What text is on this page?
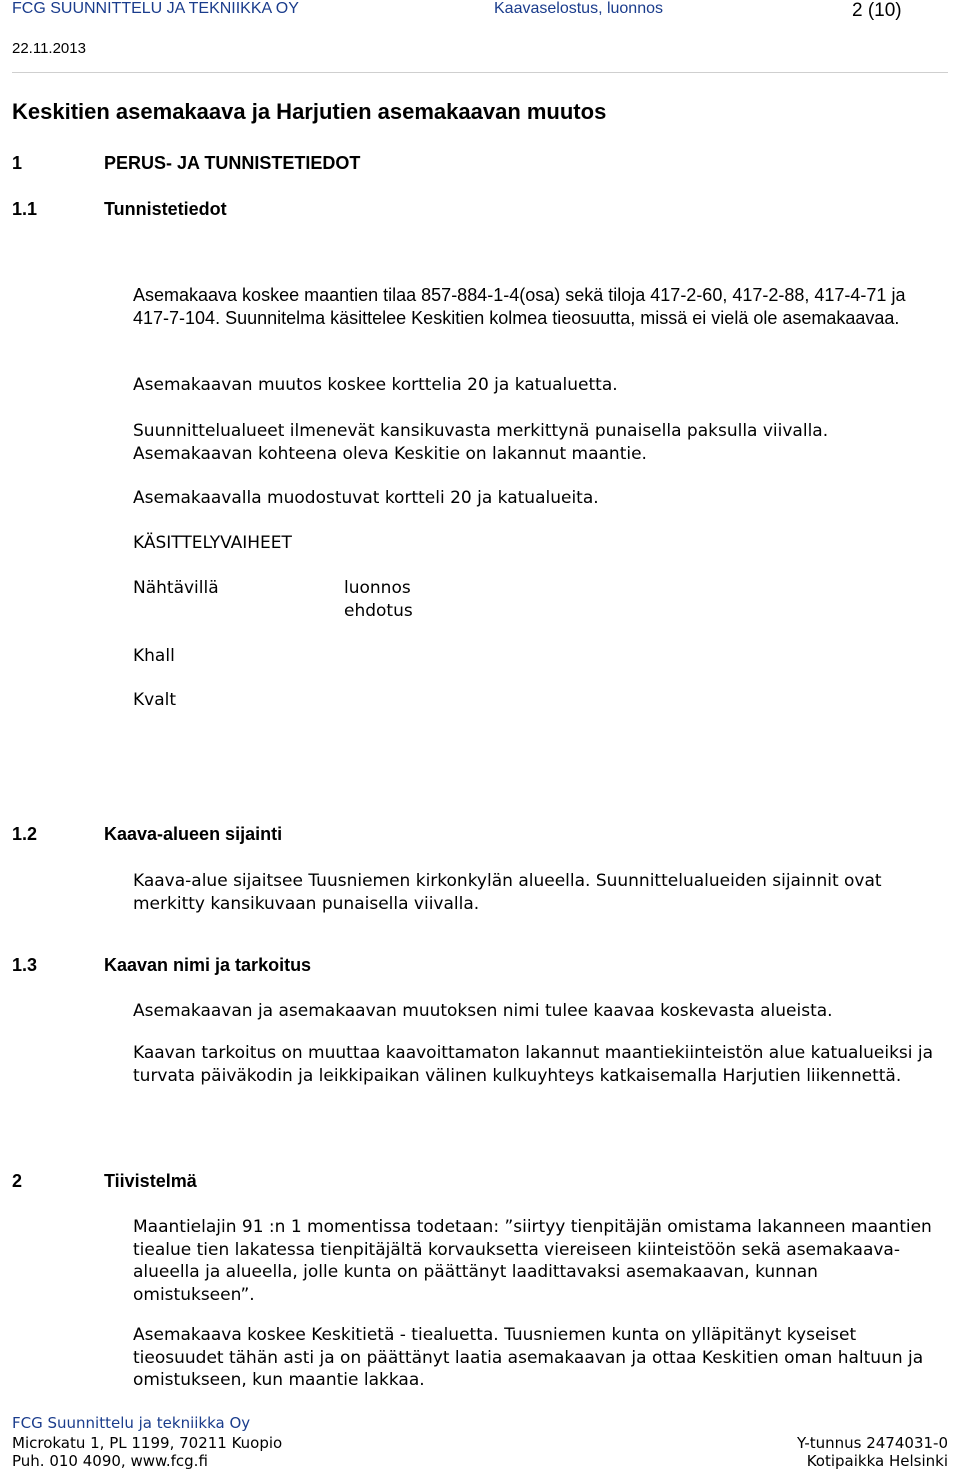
FCG SUUNNITTELU JA TEKNIIKKA OY	Kaavaselostus, luonnos	2 (10)
22.11.2013
Keskitien asemakaava ja Harjutien asemakaavan muutos
1	PERUS- JA TUNNISTETIEDOT
1.1	Tunnistetiedot
Asemakaava koskee maantien tilaa 857-884-1-4(osa) sekä tiloja 417-2-60, 417-2-88, 417-4-71 ja 417-7-104. Suunnitelma käsittelee Keskitien kolmea tieosuutta, missä ei vielä ole asemakaavaa.
Asemakaavan muutos koskee korttelia 20 ja katualuetta.
Suunnittelualueet ilmenevät kansikuvasta merkittynä punaisella paksulla viivalla. Asemakaavan kohteena oleva Keskitie on lakannut maantie.
Asemakaavalla muodostuvat kortteli 20 ja katualueita.
KÄSITTELYVAIHEET
Nähtävillä	luonnos
ehdotus
Khall
Kvalt
1.2	Kaava-alueen sijainti
Kaava-alue sijaitsee Tuusniemen kirkonkylän alueella. Suunnittelualueiden sijainnit ovat merkitty kansikuvaan punaisella viivalla.
1.3	Kaavan nimi ja tarkoitus
Asemakaavan ja asemakaavan muutoksen nimi tulee kaavaa koskevasta alueista.
Kaavan tarkoitus on muuttaa kaavoittamaton lakannut maantiekiinteistön alue katualueiksi ja turvata päiväkodin ja leikkipaikan välinen kulkuyhteys katkaisemalla Harjutien liikennettä.
2	Tiivistelmä
Maantielajin 91 :n 1 momentissa todetaan: ”siirtyy tienpitäjän omistama lakanneen maantien tiealue tien lakatessa tienpitäjältä korvauksetta viereiseen kiinteistöön sekä asemakaava-alueella ja alueella, jolle kunta on päättänyt laadittavaksi asemakaavan, kunnan omistukseen”.
Asemakaava koskee Keskitietä - tiealuetta. Tuusniemen kunta on ylläpitänyt kyseiset tieosuudet tähän asti ja on päättänyt laatia asemakaavan ja ottaa Keskitien oman haltuun ja omistukseen, kun maantie lakkaa.
FCG Suunnittelu ja tekniikka Oy
Microkatu 1, PL 1199, 70211 Kuopio
Puh. 010 4090, www.fcg.fi
Y-tunnus 2474031-0
Kotipaikka Helsinki
